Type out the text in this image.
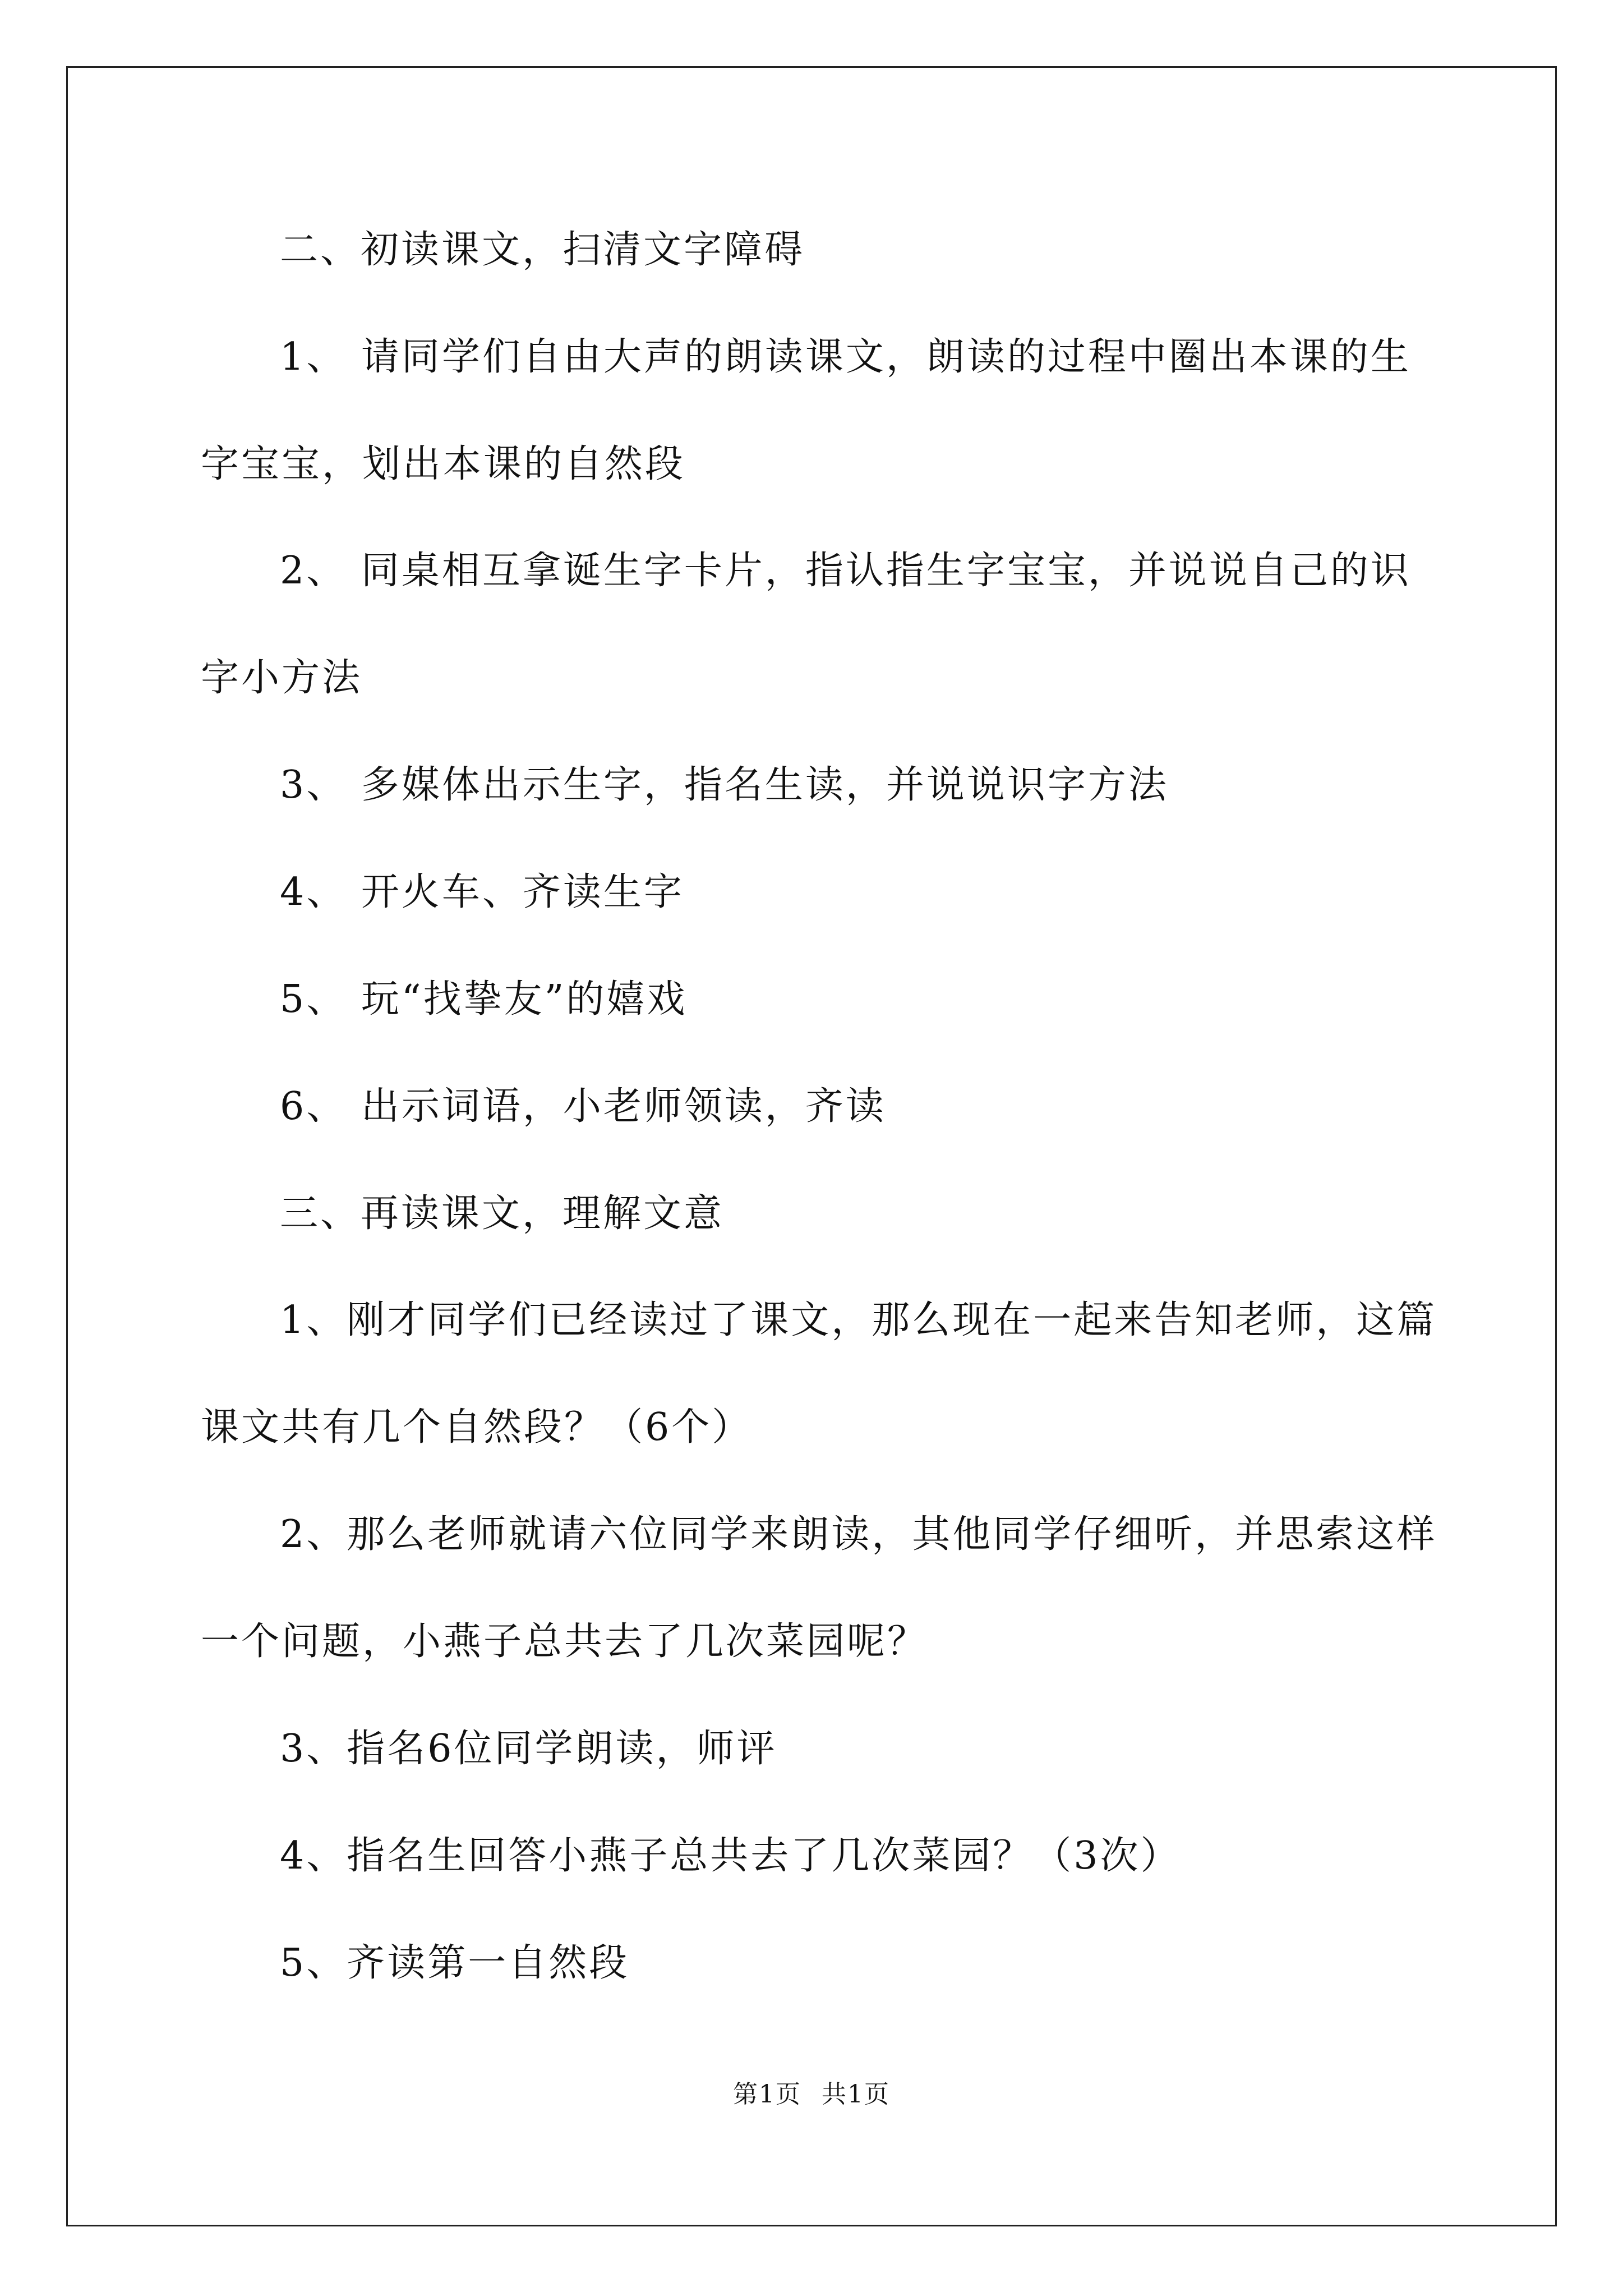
二、初读课文，扫清文字障碍
1、 请同学们自由大声的朗读课文，朗读的过程中圈出本课的生
字宝宝，划出本课的自然段
2、 同桌相互拿诞生字卡片，指认指生字宝宝，并说说自己的识
字小方法
3、 多媒体出示生字，指名生读，并说说识字方法
4、 开火车、齐读生字
5、 玩“找挚友”的嬉戏
6、 出示词语，小老师领读，齐读
三、再读课文，理解文意
1、刚才同学们已经读过了课文，那么现在一起来告知老师，这篇
课文共有几个自然段？（6个）
2、那么老师就请六位同学来朗读，其他同学仔细听，并思索这样
一个问题，小燕子总共去了几次菜园呢？
3、指名6位同学朗读，师评
4、指名生回答小燕子总共去了几次菜园？（3次）
5、齐读第一自然段
第1页 共1页
